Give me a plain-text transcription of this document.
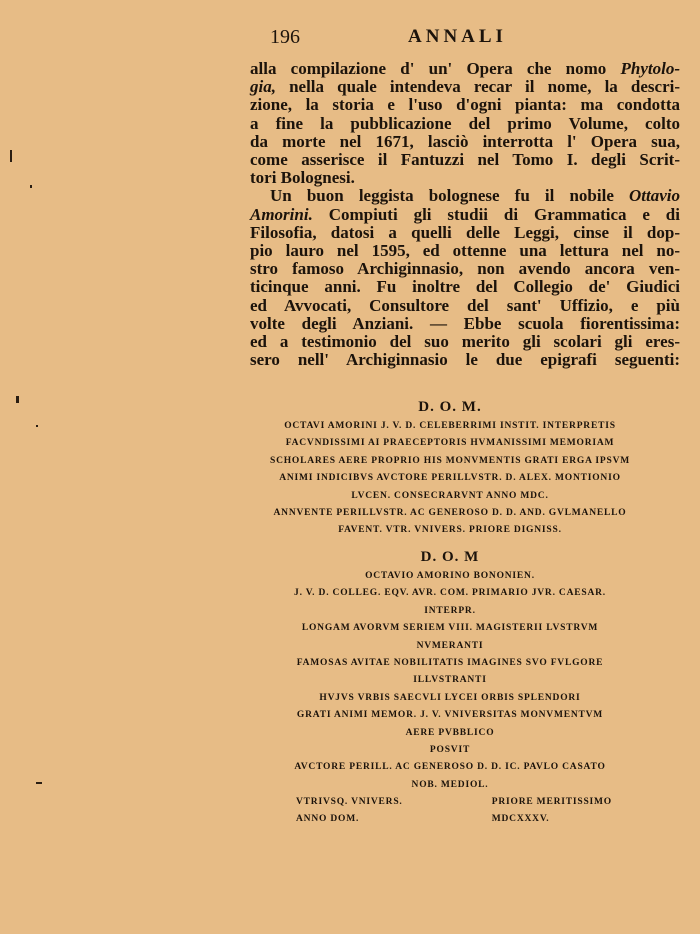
196	ANNALI
alla compilazione d' un' Opera che nomo Phytolo-
gia, nella quale intendeva recar il nome, la descri-
zione, la storia e l'uso d'ogni pianta: ma condotta
a fine la pubblicazione del primo Volume, colto
da morte nel 1671, lasciò interrotta l' Opera sua,
come asserisce il Fantuzzi nel Tomo I. degli Scrit-
tori Bolognesi.
Un buon leggista bolognese fu il nobile Ottavio
Amorini. Compiuti gli studii di Grammatica e di
Filosofia, datosi a quelli delle Leggi, cinse il dop-
pio lauro nel 1595, ed ottenne una lettura nel no-
stro famoso Archiginnasio, non avendo ancora ven-
ticinque anni. Fu inoltre del Collegio de' Giudici
ed Avvocati, Consultore del sant' Uffizio, e più
volte degli Anziani. — Ebbe scuola fiorentissima:
ed a testimonio del suo merito gli scolari gli eres-
sero nell' Archiginnasio le due epigrafi seguenti:
D. O. M.
OCTAVI AMORINI J. V. D. CELEBERRIMI INSTIT. INTERPRETIS
FACVNDISSIMI AI PRAECEPTORIS HVMANISSIMI MEMORIAM
SCHOLARES AERE PROPRIO HIS MONVMENTIS GRATI ERGA IPSVM
ANIMI INDICIBVS AVCTORE PERILLVSTR. D. ALEX. MONTIONIO
LVCEN. CONSECRARVNT ANNO MDC.
ANNVENTE PERILLVSTR. AC GENEROSO D. D. AND. GVLMANELLO
FAVENT. VTR. VNIVERS. PRIORE DIGNISS.
D. O. M
OCTAVIO AMORINO BONONIEN.
J. V. D. COLLEG. EQV. AVR. COM. PRIMARIO JVR. CAESAR.
INTERPR.
LONGAM AVORVM SERIEM VIII. MAGISTERII LVSTRVM
NVMERANTI
FAMOSAS AVITAE NOBILITATIS IMAGINES SVO FVLGORE
ILLVSTRANTI
HVJVS VRBIS SAECVLI LYCEI ORBIS SPLENDORI
GRATI ANIMI MEMOR. J. V. VNIVERSITAS MONVMENTVM
AERE PVBBLICO
POSVIT
AVCTORE PERILL. AC GENEROSO D. D. IC. PAVLO CASATO
NOB. MEDIOL.
VTRIVSQ. VNIVERS.
ANNO DOM.
PRIORE MERITISSIMO
MDCXXXV.
